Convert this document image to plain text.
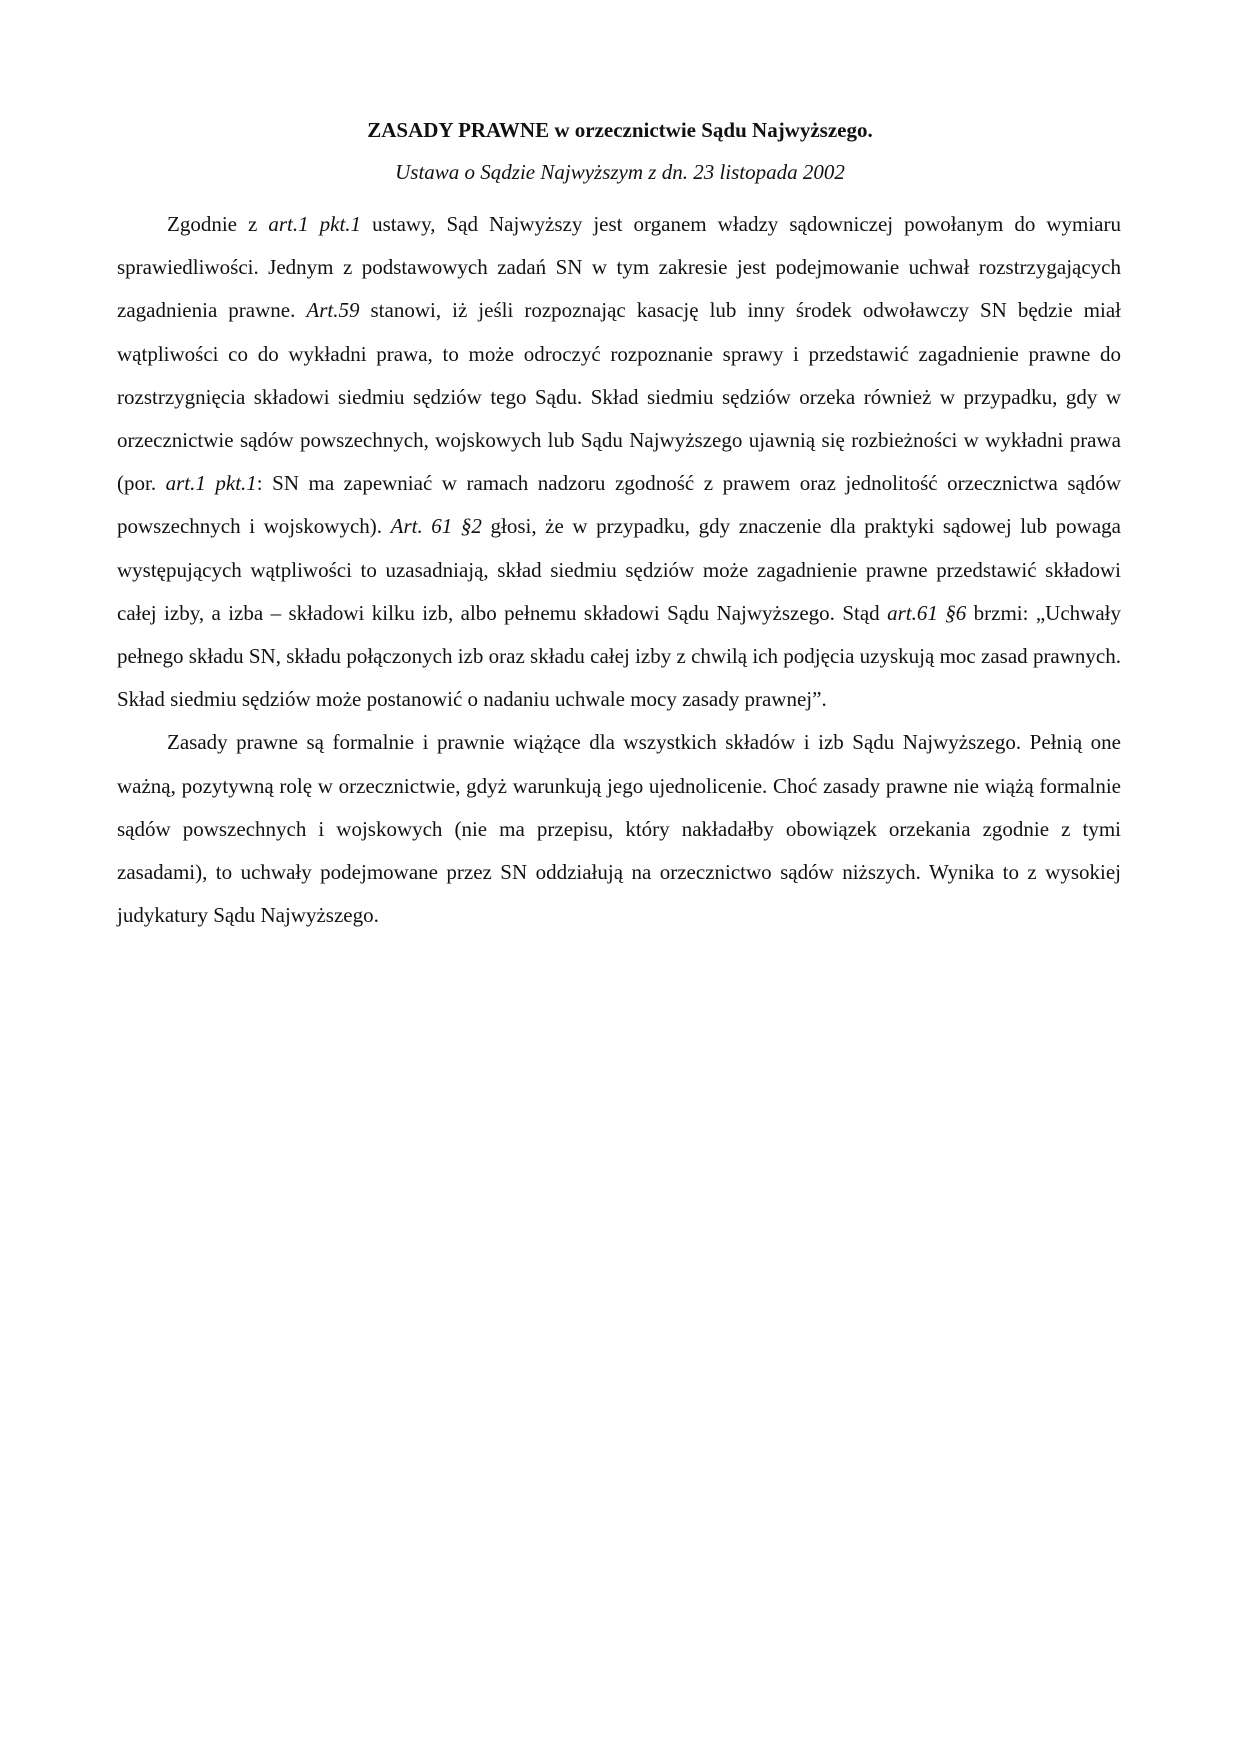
ZASADY PRAWNE w orzecznictwie Sądu Najwyższego.
Ustawa o Sądzie Najwyższym z dn. 23 listopada 2002

Zgodnie z art.1 pkt.1 ustawy, Sąd Najwyższy jest organem władzy sądowniczej powołanym do wymiaru sprawiedliwości. Jednym z podstawowych zadań SN w tym zakresie jest podejmowanie uchwał rozstrzygających zagadnienia prawne. Art.59 stanowi, iż jeśli rozpoznając kasację lub inny środek odwoławczy SN będzie miał wątpliwości co do wykładni prawa, to może odroczyć rozpoznanie sprawy i przedstawić zagadnienie prawne do rozstrzygnięcia składowi siedmiu sędziów tego Sądu. Skład siedmiu sędziów orzeka również w przypadku, gdy w orzecznictwie sądów powszechnych, wojskowych lub Sądu Najwyższego ujawnią się rozbieżności w wykładni prawa (por. art.1 pkt.1: SN ma zapewniać w ramach nadzoru zgodność z prawem oraz jednolitość orzecznictwa sądów powszechnych i wojskowych). Art. 61 §2 głosi, że w przypadku, gdy znaczenie dla praktyki sądowej lub powaga występujących wątpliwości to uzasadniają, skład siedmiu sędziów może zagadnienie prawne przedstawić składowi całej izby, a izba – składowi kilku izb, albo pełnemu składowi Sądu Najwyższego. Stąd art.61 §6 brzmi: „Uchwały pełnego składu SN, składu połączonych izb oraz składu całej izby z chwilą ich podjęcia uzyskują moc zasad prawnych. Skład siedmiu sędziów może postanowić o nadaniu uchwale mocy zasady prawnej”.

Zasady prawne są formalnie i prawnie wiążące dla wszystkich składów i izb Sądu Najwyższego. Pełnią one ważną, pozytywną rolę w orzecznictwie, gdyż warunkują jego ujednolicenie. Choć zasady prawne nie wiążą formalnie sądów powszechnych i wojskowych (nie ma przepisu, który nakładałby obowiązek orzekania zgodnie z tymi zasadami), to uchwały podejmowane przez SN oddziałują na orzecznictwo sądów niższych. Wynika to z wysokiej judykatury Sądu Najwyższego.
